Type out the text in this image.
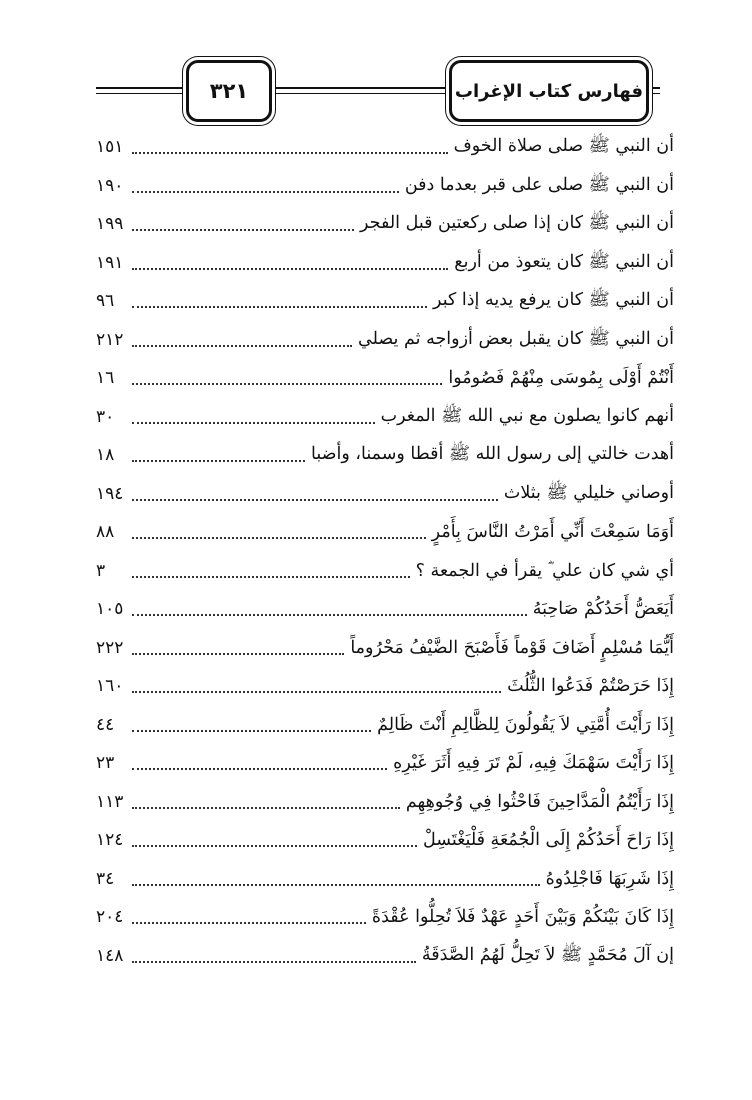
فهارس كتاب الإغراب
٣٢١
أن النبي ﷺ صلى صلاة الخوف
١٥١
أن النبي ﷺ صلى على قبر بعدما دفن
١٩٠
أن النبي ﷺ كان إذا صلى ركعتين قبل الفجر
١٩٩
أن النبي ﷺ كان يتعوذ من أربع
١٩١
أن النبي ﷺ كان يرفع يديه إذا كبر
٩٦
أن النبي ﷺ كان يقبل بعض أزواجه ثم يصلي
٢١٢
أَنْتُمْ أَوْلَى بِمُوسَى مِنْهُمْ فَصُومُوا
١٦
أنهم كانوا يصلون مع نبي الله ﷺ المغرب
٣٠
أهدت خالتي إلى رسول الله ﷺ أقطا وسمنا، وأضبا
١٨
أوصاني خليلي ﷺ بثلاث
١٩٤
أَوَمَا سَمِعْتَ أَنِّي أَمَرْتُ النَّاسَ بِأَمْرٍ
٨٨
أي شي كان علي ؓ يقرأ في الجمعة ؟
٣
أَيَعَضُّ أَحَدُكُمْ صَاحِبَهُ
١٠٥
أَيُّمَا مُسْلِمٍ أَضَافَ قَوْماً فَأَصْبَحَ الضَّيْفُ مَحْرُوماً
٢٢٢
إِذَا حَرَصْتُمْ فَدَعُوا الثُّلُثَ
١٦٠
إِذَا رَأَيْتَ أُمَّتِي لاَ يَقُولُونَ لِلظَّالِمِ أَنْتَ ظَالِمٌ
٤٤
إِذَا رَأَيْتَ سَهْمَكَ فِيهِ، لَمْ تَرَ فِيهِ أَثَرَ غَيْرِهِ
٢٣
إِذَا رَأَيْتُمُ الْمَدَّاحِينَ فَاحْثُوا فِي وُجُوهِهِم
١١٣
إِذَا رَاحَ أَحَدُكُمْ إِلَى الْجُمُعَةِ فَلْيَغْتَسِلْ
١٢٤
إِذَا شَرِبَهَا فَاجْلِدُوهُ
٣٤
إِذَا كَانَ بَيْنَكُمْ وَبَيْنَ أَحَدٍ عَهْدٌ فَلاَ تُحِلُّوا عُقْدَةً
٢٠٤
إن آلَ مُحَمَّدٍ ﷺ لاَ تَحِلُّ لَهُمُ الصَّدَقَةُ
١٤٨
